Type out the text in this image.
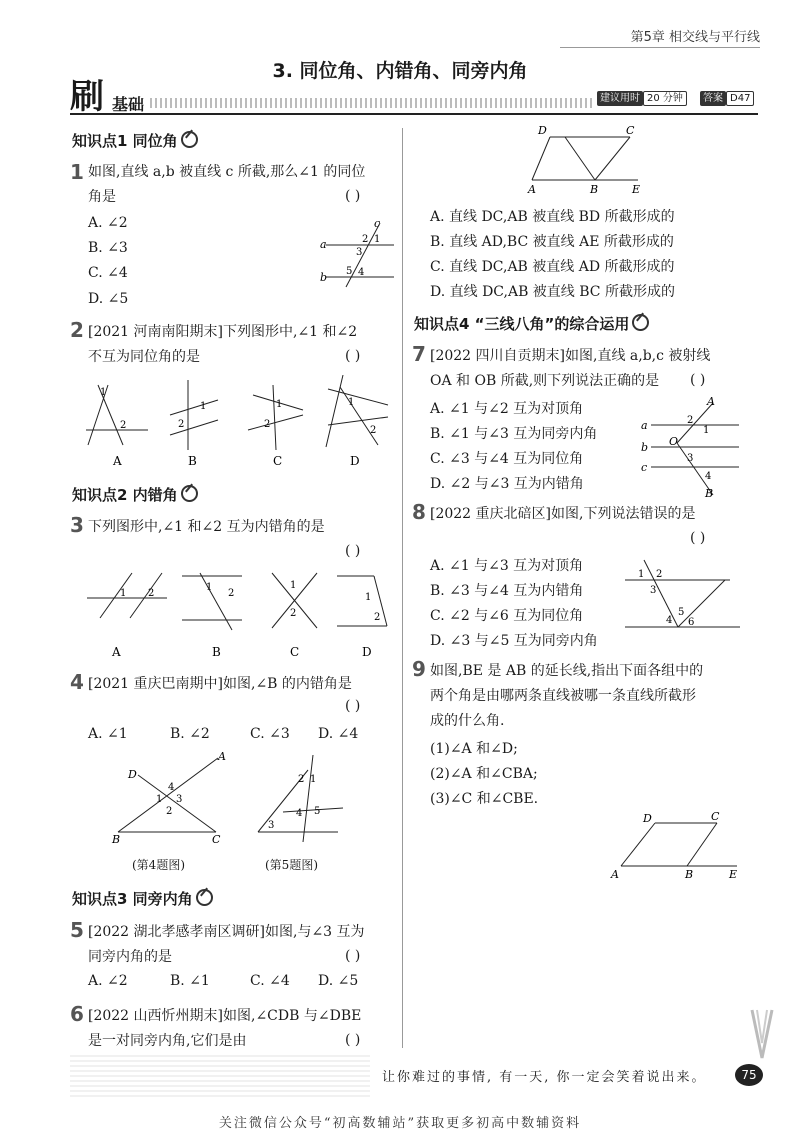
第5章 相交线与平行线
3. 同位角、内错角、同旁内角
刷 基础	建议用时 20 分钟	答案 D47
知识点1 同位角
1 如图,直线 a,b 被直线 c 所截,那么∠1 的同位
角是	( )
A. ∠2
B. ∠3
C. ∠4
D. ∠5
a
b
c
2 1
3
5 4
2 [2021 河南南阳期末]下列图形中,∠1 和∠2
不互为同位角的是	( )
1
2
1
2
1
2
1
2
A	B	C	D
知识点2 内错角
3 下列图形中,∠1 和∠2 互为内错角的是
( )
1 2
1
2
1
2
1
2
A	B	C	D
4 [2021 重庆巴南期中]如图,∠B 的内错角是
( )
A. ∠1	B. ∠2	C. ∠3 D. ∠4
A
D
B	C
4
1 3
2
2 1
3
4 5
(第4题图)	(第5题图)
知识点3 同旁内角
5 [2022 湖北孝感孝南区调研]如图,与∠3 互为
同旁内角的是	( )
A. ∠2	B. ∠1	C. ∠4 D. ∠5
6 [2022 山西忻州期末]如图,∠CDB 与∠DBE
是一对同旁内角,它们是由	( )
D	C
A	B	E
A. 直线 DC,AB 被直线 BD 所截形成的
B. 直线 AD,BC 被直线 AE 所截形成的
C. 直线 DC,AB 被直线 AD 所截形成的
D. 直线 DC,AB 被直线 BC 所截形成的
知识点4 “三线八角”的综合运用
7 [2022 四川自贡期末]如图,直线 a,b,c 被射线
OA 和 OB 所截,则下列说法正确的是 ( )
A. ∠1 与∠2 互为对顶角
B. ∠1 与∠3 互为同旁内角
C. ∠3 与∠4 互为同位角
D. ∠2 与∠3 互为内错角
a
b
c
A
B
O
2
1
3
4
8 [2022 重庆北碚区]如图,下列说法错误的是
( )
A. ∠1 与∠3 互为对顶角
B. ∠3 与∠4 互为内错角
C. ∠2 与∠6 互为同位角
D. ∠3 与∠5 互为同旁内角
1 2
3
4
5
6
9 如图,BE 是 AB 的延长线,指出下面各组中的
两个角是由哪两条直线被哪一条直线所截形
成的什么角.
(1)∠A 和∠D;
(2)∠A 和∠CBA;
(3)∠C 和∠CBE.
D	C
A	B	E
让你难过的事情, 有一天, 你一定会笑着说出来。	75
关注微信公众号“初高数辅站”获取更多初高中数辅资料
